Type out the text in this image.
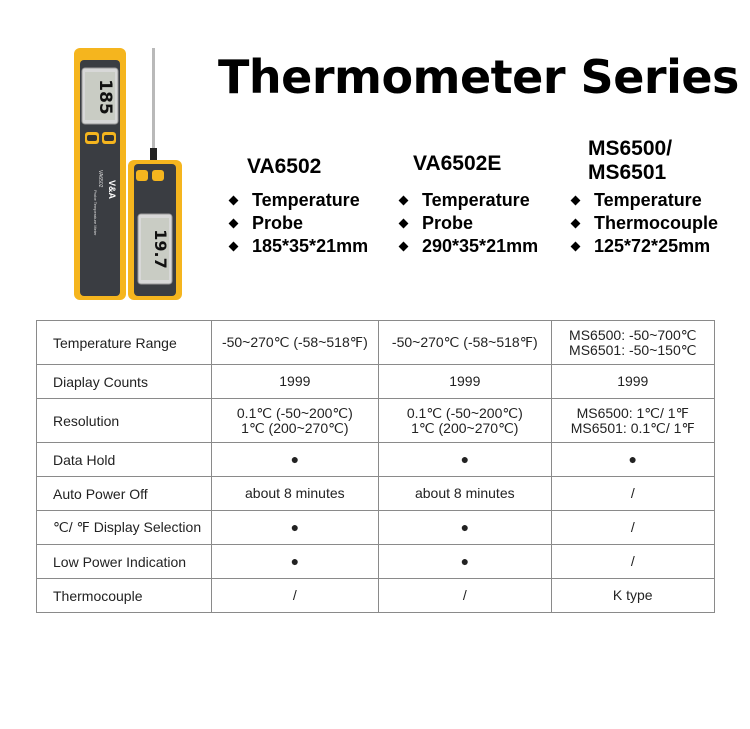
185
V&A
VA6502
Probe Temperature Meter
19.7
Thermometer Series
VA6502
Temperature
Probe
185*35*21mm
VA6502E
Temperature
Probe
290*35*21mm
MS6500/
MS6501
Temperature
Thermocouple
125*72*25mm
Temperature Range	-50~270℃ (-58~518℉)	-50~270℃ (-58~518℉)	MS6500: -50~700℃
MS6501: -50~150℃

Diaplay Counts	1999	1999	1999
Resolution	0.1℃ (-50~200℃)
1℃ (200~270℃)	0.1℃ (-50~200℃)
1℃ (200~270℃)	MS6500: 1℃/ 1℉
MS6501: 0.1℃/ 1℉

Data Hold	●	●	●
Auto Power Off	about 8 minutes	about 8 minutes	/
℃/ ℉ Display Selection	●	●	/
Low Power Indication	●	●	/
Thermocouple	/	/	K type
